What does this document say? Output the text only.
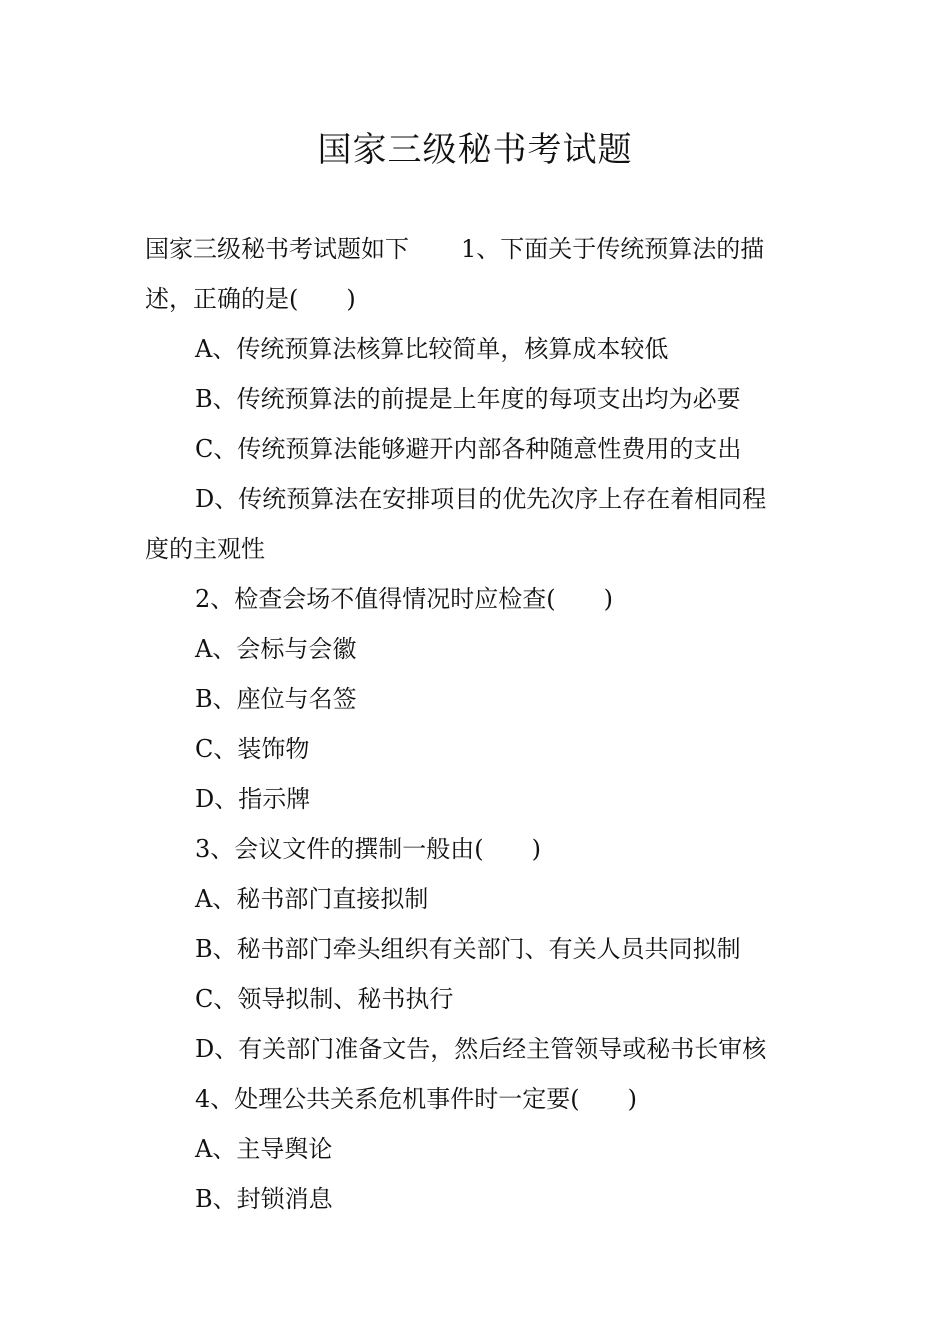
国家三级秘书考试题

国家三级秘书考试题如下 1、下面关于传统预算法的描
述，正确的是(　　)

A、传统预算法核算比较简单，核算成本较低

B、传统预算法的前提是上年度的每项支出均为必要

C、传统预算法能够避开内部各种随意性费用的支出

D、传统预算法在安排项目的优先次序上存在着相同程
度的主观性

2、检查会场不值得情况时应检查(　　)

A、会标与会徽

B、座位与名签

C、装饰物

D、指示牌

3、会议文件的撰制一般由(　　)

A、秘书部门直接拟制

B、秘书部门牵头组织有关部门、有关人员共同拟制

C、领导拟制、秘书执行

D、有关部门准备文告，然后经主管领导或秘书长审核

4、处理公共关系危机事件时一定要(　　)

A、主导舆论

B、封锁消息
